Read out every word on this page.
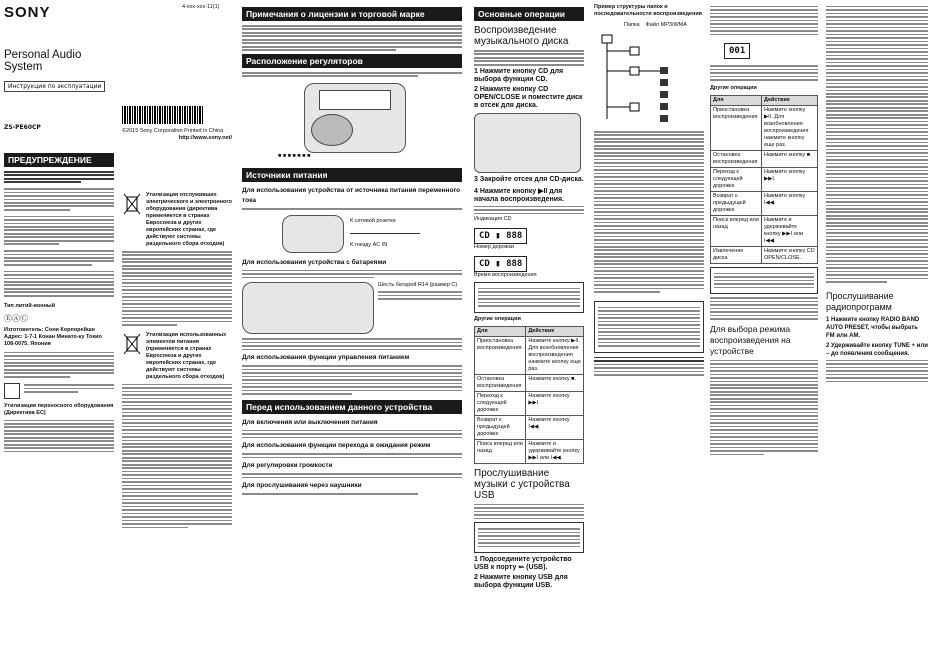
SONY
Personal Audio System
Инструкция по эксплуатации
ZS-PE60CP
ПРЕДУПРЕЖДЕНИЕ
Тип литий-ионный
ⒺⒶⒸ
Изготовитель: Сони Корпорейшн Адрес: 1-7-1 Конан Минато-ку Токио 108-0075, Япония
Утилизация переносного оборудования (Директива ЕС)
4-xxx-xxx-11(1)
©2015 Sony Corporation Printed in China
http://www.sony.net/
Утилизация отслуживших электрического и электронного оборудования (директива применяется в странах Евросоюза и других европейских странах, где действуют системы раздельного сбора отходов)
Утилизация использованных элементов питания (применяется в странах Евросоюза и других европейских странах, где действуют системы раздельного сбора отходов)
Примечания о лицензии и торговой марке
Расположение регуляторов
■ ■ ■ ■ ■ ■ ■
Источники питания
Для использования устройства от источника питания переменного тока
К сетевой розетке
К гнезду AC IN
Для использования устройства с батареями
Шесть батарей R14 (размер C)
Для использования функции управления питанием
Перед использованием данного устройства
Для включения или выключения питания
Для использования функции перехода в ожидания режим
Для регулировки громкости
Для прослушивания через наушники
Основные операции
Воспроизведение музыкального диска
1 Нажмите кнопку CD для выбора функции CD.
2 Нажмите кнопку CD OPEN/CLOSE и поместите диск в отсек для диска.
3 Закройте отсек для CD-диска.
4 Нажмите кнопку ▶II для начала воспроизведения.
Индикация CD
CD ▮ 888
Номер дорожки
CD ▮ 888
Время воспроизведения
Другие операции
Для	Действие
Приостановка воспроизведения	Нажмите кнопку ▶II. Для возобновления воспроизведения нажмите кнопку еще раз.
Остановка воспроизведения	Нажмите кнопку ■.
Переход к следующей дорожке	Нажмите кнопку ▶▶I.
Возврат к предыдущей дорожке	Нажмите кнопку I◀◀.
Поиск вперед или назад	Нажмите и удерживайте кнопку ▶▶I или I◀◀.
Прослушивание музыки с устройства USB
1 Подсоедините устройство USB к порту ⇐ (USB).
2 Нажмите кнопку USB для выбора функции USB.
Пример структуры папок и последовательности воспроизведения
Папка Файл MP3/WMA
001
Другие операции
Для	Действие
Приостановка воспроизведения	Нажмите кнопку ▶II. Для возобновления воспроизведения нажмите кнопку еще раз.
Остановка воспроизведения	Нажмите кнопку ■.
Переход к следующей дорожке	Нажмите кнопку ▶▶I.
Возврат к предыдущей дорожке	Нажмите кнопку I◀◀.
Поиск вперед или назад	Нажмите и удерживайте кнопку ▶▶I или I◀◀.
Извлечение диска	Нажмите кнопку CD OPEN/CLOSE.
Для выбора режима воспроизведения на устройстве
Прослушивание радиопрограмм
1 Нажмите кнопку RADIO BAND AUTO PRESET, чтобы выбрать FM или AM.
2 Удерживайте кнопку TUNE + или – до появления сообщения.
